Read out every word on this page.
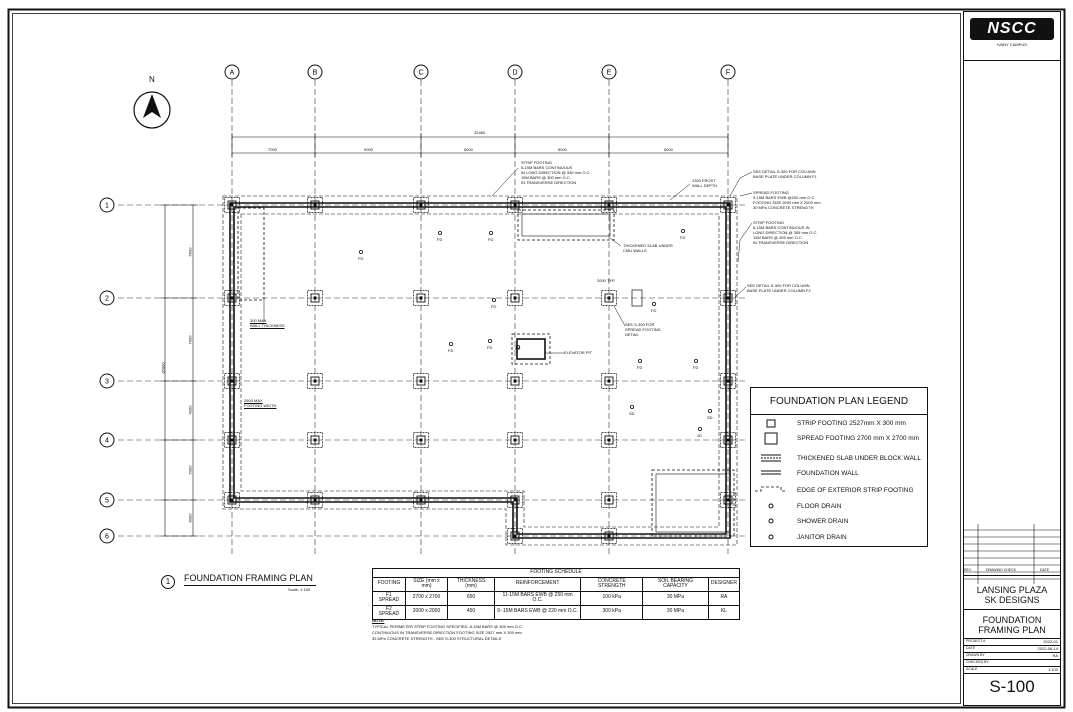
A	B	C	D	E	F
1
2
3
4
5
6
N
32480
7000	9000	5000	5000	5000
6600
7000
4000
5000
8000
35000
STRIP FOOTING
5-15M BARS CONTINUOUS
IN LONG DIRECTION @ 330 mm O.C.
15M BARS @ 300 mm O.C.
IN TRANSVERSE DIRECTION	1300 FROST
WALL DEPTH
SEE DETAIL S-300 FOR COLUMN
BASE PLATE UNDER COLUMN F1
SPREAD FOOTING
9-15M BARS EWB @200 mm O.C.
FOOTING SIZE 2000 mm X 2000 mm
30 MPa CONCRETE STRENGTH
STRIP FOOTING
6-15M BARS CONTINUOUS IN
LONG DIRECTION @ 305 mm O.C.
15M BARS @ 305 mm O.C.
IN TRANSVERSE DIRECTION
THICKENED SLAB UNDER
CMU WALLS
SEE DETAIL S-300 FOR COLUMN
BASE PLATE UNDER COLUMN F2
300 MAX
WALL THICKNESS	SEE S-300 FOR
SPREAD FOOTING
DETAIL
ELEVATOR PIT
2600 MAX
FOOTING WIDTH
2000 TYP.
FD
FD	FD	FD
FD
FD
FD
FD	FD
FD	FD
SD
SD
JD
1	FOUNDATION FRAMING PLAN
Scale: 1:100
FOOTING SCHEDULE						
FOOTING	SIZE (mm x mm)	THICKNESS (mm)	REINFORCEMENT	CONCRETE STRENGTH	SOIL BEARING CAPACITY	DESIGNER
F1 SPREAD	2700 x 2700	650	11-15M BARS EWB @ 250 mm O.C.	100 kPa	30 MPa	RA
F2 SPREAD	2000 x 2000	450	9 -15M BARS EWB @ 220 mm O.C.	300 kPa	30 MPa	KL
NOTE:
TYPICAL PERIMETER STRIP FOOTING SPECIFIED: 8-15M BARS @ 305 mm O.C.
CONTINUOUS IN TRANSVERSE DIRECTION FOOTING SIZE 2527 mm X 300 mm
35 MPa CONCRETE STRENGTH - SEE S-300 STRUCTURAL DETAILS
FOUNDATION PLAN LEGEND
STRIP FOOTING 2527mm X 300 mm
SPREAD FOOTING 2700 mm X 2700 mm
THICKENED SLAB UNDER BLOCK WALL
FOUNDATION WALL
EDGE OF EXTERIOR STRIP FOOTING
FLOOR DRAIN
SHOWER DRAIN
JANITOR DRAIN
NSCC
IVANY CAMPUS
REV	DRAWING CHECK	DATE
LANSING PLAZA
SK DESIGNS
FOUNDATION
FRAMING PLAN
PROJECT #	2022-01
DATE	2022-06-14
DRAWN BY	RA
CHECKED BY
SCALE	1:100
S-100
